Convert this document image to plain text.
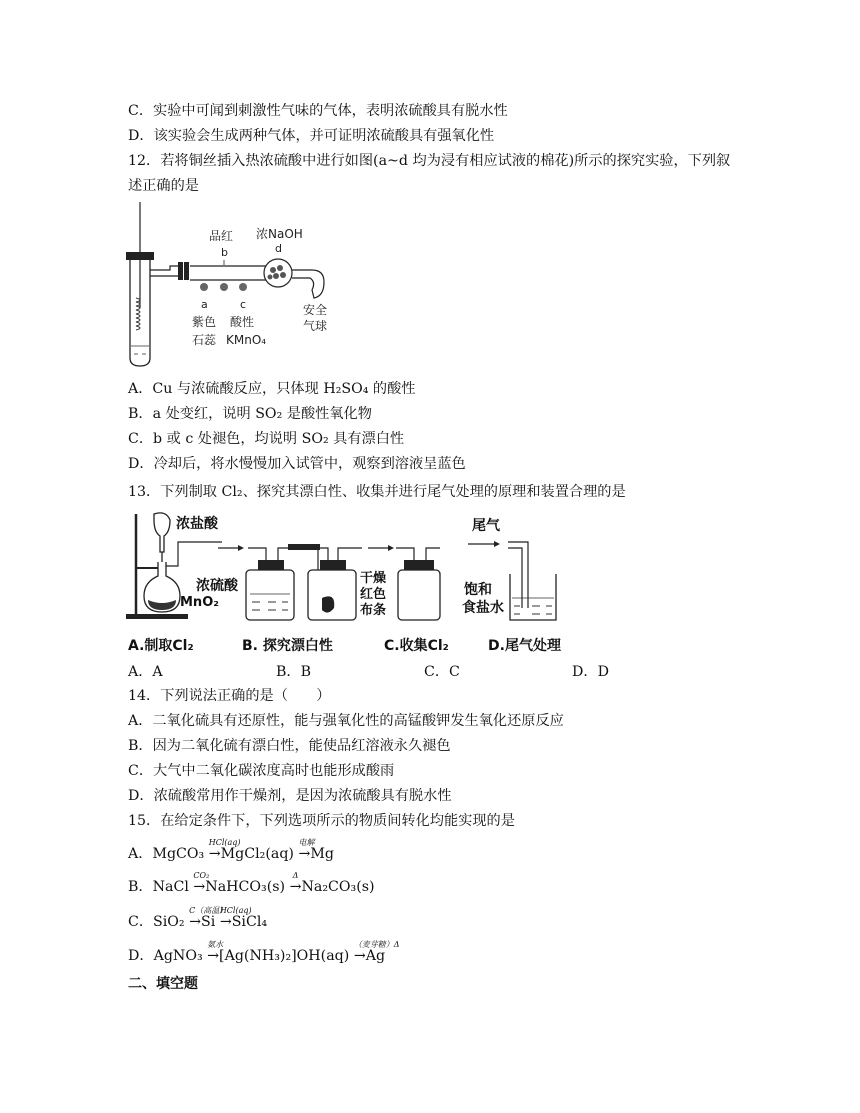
C．实验中可闻到刺激性气味的气体，表明浓硫酸具有脱水性
D．该实验会生成两种气体，并可证明浓硫酸具有强氧化性
12．若将铜丝插入热浓硫酸中进行如图(a~d 均为浸有相应试液的棉花)所示的探究实验，下列叙
述正确的是
品红
b
浓NaOH
d
a	c
紫色
石蕊
酸性
KMnO₄
安全
气球
A．Cu 与浓硫酸反应，只体现 H₂SO₄ 的酸性
B．a 处变红，说明 SO₂ 是酸性氧化物
C．b 或 c 处褪色，均说明 SO₂ 具有漂白性
D．冷却后，将水慢慢加入试管中，观察到溶液呈蓝色
13．下列制取 Cl₂、探究其漂白性、收集并进行尾气处理的原理和装置合理的是
浓盐酸
MnO₂
浓硫酸	干 燥
红 色
布 条
尾气
饱和
食盐水
A.制取Cl₂	B. 探究漂白性	C.收集Cl₂	D.尾气处理
A．A	B．B	C．C	D．D
14．下列说法正确的是（　　）
A．二氧化硫具有还原性，能与强氧化性的高锰酸钾发生氧化还原反应
B．因为二氧化硫有漂白性，能使品红溶液永久褪色
C．大气中二氧化碳浓度高时也能形成酸雨
D．浓硫酸常用作干燥剂，是因为浓硫酸具有脱水性
15．在给定条件下，下列选项所示的物质间转化均能实现的是
A．MgCO₃
HCl(aq)
→MgCl₂(aq)
电解
→Mg
B．NaCl
CO₂
→NaHCO₃(s)
Δ
→Na₂CO₃(s)
C．SiO₂
C（高温）
→Si
HCl(aq)
→SiCl₄
D．AgNO₃
氨水
→[Ag(NH₃)₂]OH(aq)
（麦芽糖）Δ
→Ag
二、填空题
